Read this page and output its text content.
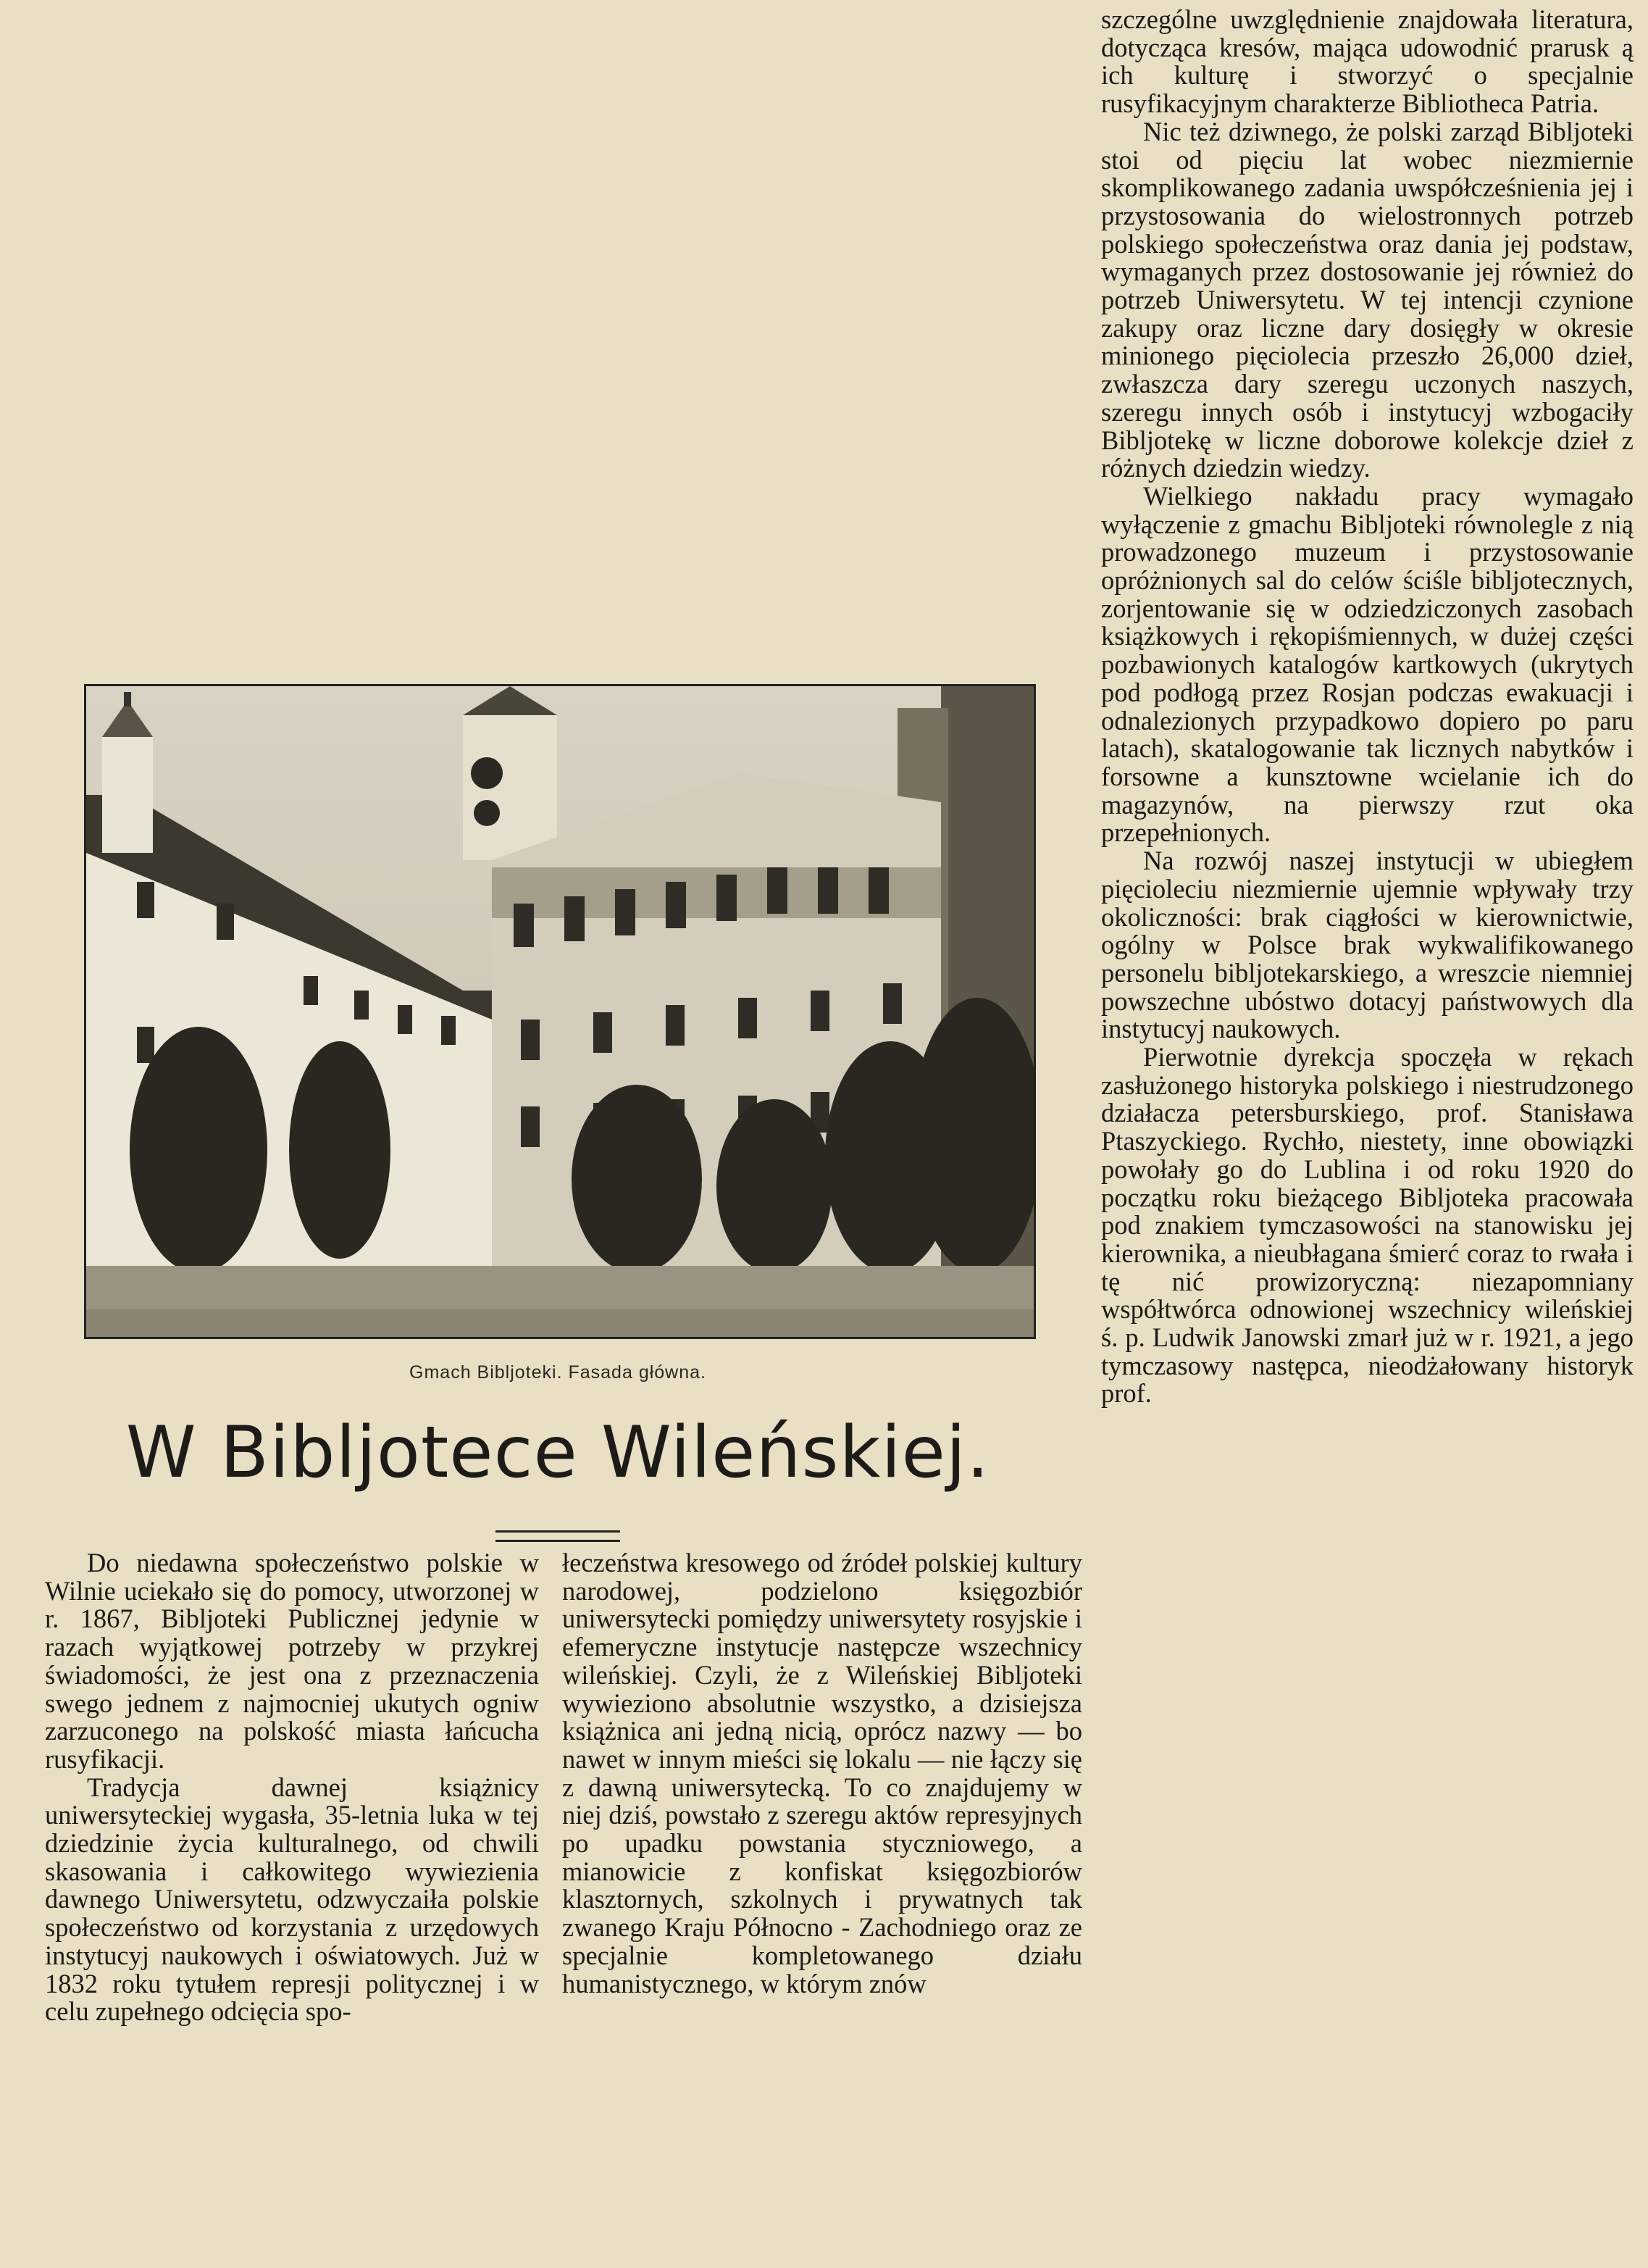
szczególne uwzględnienie znajdowała literatura, dotycząca kresów, mająca udowodnić prarusk ą ich kulturę i stworzyć o specjalnie rusyfikacyjnym charakterze Bibliotheca Patria.

Nic też dziwnego, że polski zarząd Bibljoteki stoi od pięciu lat wobec niezmiernie skomplikowanego zadania uwspółcześnienia jej i przystosowania do wielostronnych potrzeb polskiego społeczeństwa oraz dania jej podstaw, wymaganych przez dostosowanie jej również do potrzeb Uniwersytetu. W tej intencji czynione zakupy oraz liczne dary dosięgły w okresie minionego pięciolecia przeszło 26,000 dzieł, zwłaszcza dary szeregu uczonych naszych, szeregu innych osób i instytucyj wzbogaciły Bibljotekę w liczne doborowe kolekcje dzieł z różnych dziedzin wiedzy.

Wielkiego nakładu pracy wymagało wyłączenie z gmachu Bibljoteki równolegle z nią prowadzonego muzeum i przystosowanie opróżnionych sal do celów ściśle bibljotecznych, zorjentowanie się w odziedziczonych zasobach książkowych i rękopiśmiennych, w dużej części pozbawionych katalogów kartkowych (ukrytych pod podłogą przez Rosjan podczas ewakuacji i odnalezionych przypadkowo dopiero po paru latach), skatalogowanie tak licznych nabytków i forsowne a kunsztowne wcielanie ich do magazynów, na pierwszy rzut oka przepełnionych.

Na rozwój naszej instytucji w ubiegłem pięcioleciu niezmiernie ujemnie wpływały trzy okoliczności: brak ciągłości w kierownictwie, ogólny w Polsce brak wykwalifikowanego personelu bibljotekarskiego, a wreszcie niemniej powszechne ubóstwo dotacyj państwowych dla instytucyj naukowych.

Pierwotnie dyrekcja spoczęła w rękach zasłużonego historyka polskiego i niestrudzonego działacza petersburskiego, prof. Stanisława Ptaszyckiego. Rychło, niestety, inne obowiązki powołały go do Lublina i od roku 1920 do początku roku bieżącego Bibljoteka pracowała pod znakiem tymczasowości na stanowisku jej kierownika, a nieubłagana śmierć coraz to rwała i tę nić prowizoryczną: niezapomniany współtwórca odnowionej wszechnicy wileńskiej ś. p. Ludwik Janowski zmarł już w r. 1921, a jego tymczasowy następca, nieodżałowany historyk prof.

Gmach Bibljoteki. Fasada główna.
W Bibljotece Wileńskiej.

Do niedawna społeczeństwo polskie w Wilnie uciekało się do pomocy, utworzonej w r. 1867, Bibljoteki Publicznej jedynie w razach wyjątkowej potrzeby w przykrej świadomości, że jest ona z przeznaczenia swego jednem z najmocniej ukutych ogniw zarzuconego na polskość miasta łańcucha rusyfikacji.

Tradycja dawnej książnicy uniwersyteckiej wygasła, 35-letnia luka w tej dziedzinie życia kulturalnego, od chwili skasowania i całkowitego wywiezienia dawnego Uniwersytetu, odzwyczaiła polskie społeczeństwo od korzystania z urzędowych instytucyj naukowych i oświatowych. Już w 1832 roku tytułem represji politycznej i w celu zupełnego odcięcia spo-

łeczeństwa kresowego od źródeł polskiej kultury narodowej, podzielono księgozbiór uniwersytecki pomiędzy uniwersytety rosyjskie i efemeryczne instytucje następcze wszechnicy wileńskiej. Czyli, że z Wileńskiej Bibljoteki wywieziono absolutnie wszystko, a dzisiejsza książnica ani jedną nicią, oprócz nazwy — bo nawet w innym mieści się lokalu — nie łączy się z dawną uniwersytecką. To co znajdujemy w niej dziś, powstało z szeregu aktów represyjnych po upadku powstania styczniowego, a mianowicie z konfiskat księgozbiorów klasztornych, szkolnych i prywatnych tak zwanego Kraju Północno - Zachodniego oraz ze specjalnie kompletowanego działu humanistycznego, w którym znów
